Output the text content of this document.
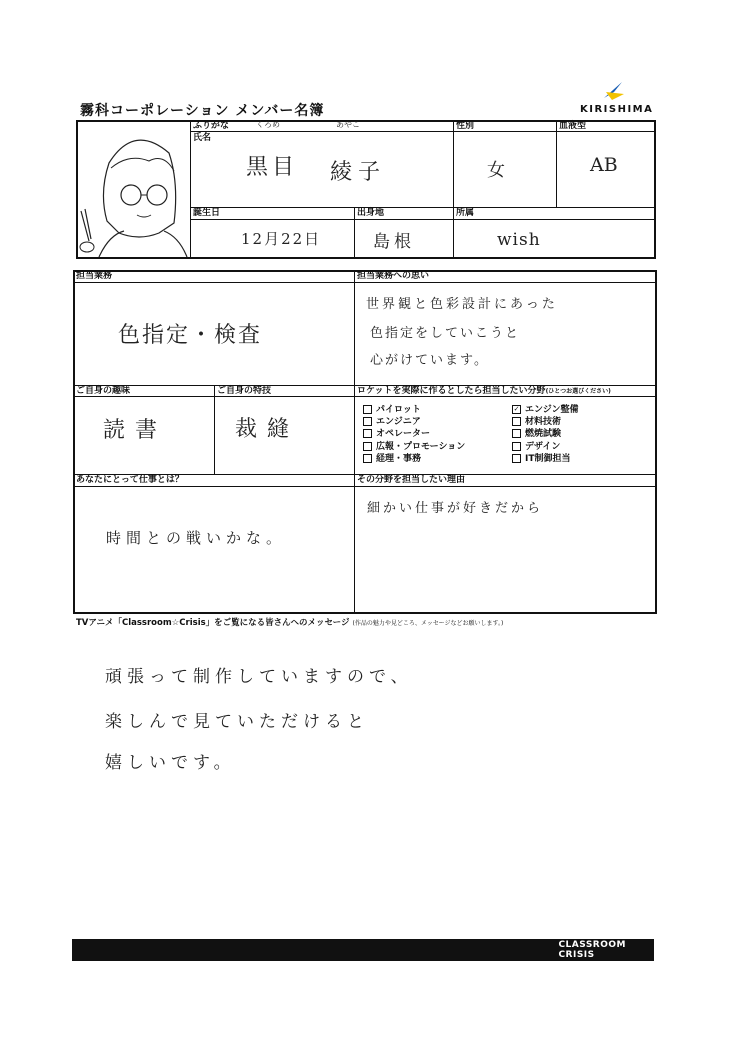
霧科コーポレーション メンバー名簿	KIRISHIMA
ふりがな	くろめ	あやこ
氏名
黒目 綾子
性別
女
血液型
AB
誕生日
12月22日
出身地
島根
所属
wish
担当業務
色指定・検査
担当業務への思い
世界観と色彩設計にあった
色指定をしていこうと
心がけています。
ご自身の趣味
読書
ご自身の特技
裁縫
ロケットを実際に作るとしたら担当したい分野(ひとつお選びください)
パイロット
エンジニア
オペレーター
広報・プロモーション
経理・事務
✓ エンジン整備
材料技術
燃焼試験
デザイン
IT制御担当
あなたにとって仕事とは？
時間との戦いかな。
その分野を担当したい理由
細かい仕事が好きだから
TVアニメ「Classroom☆Crisis」をご覧になる皆さんへのメッセージ (作品の魅力や見どころ、メッセージなどお願いします。)
頑張って制作していますので、
楽しんで見ていただけると
嬉しいです。
CLASSROOM
CRISIS
